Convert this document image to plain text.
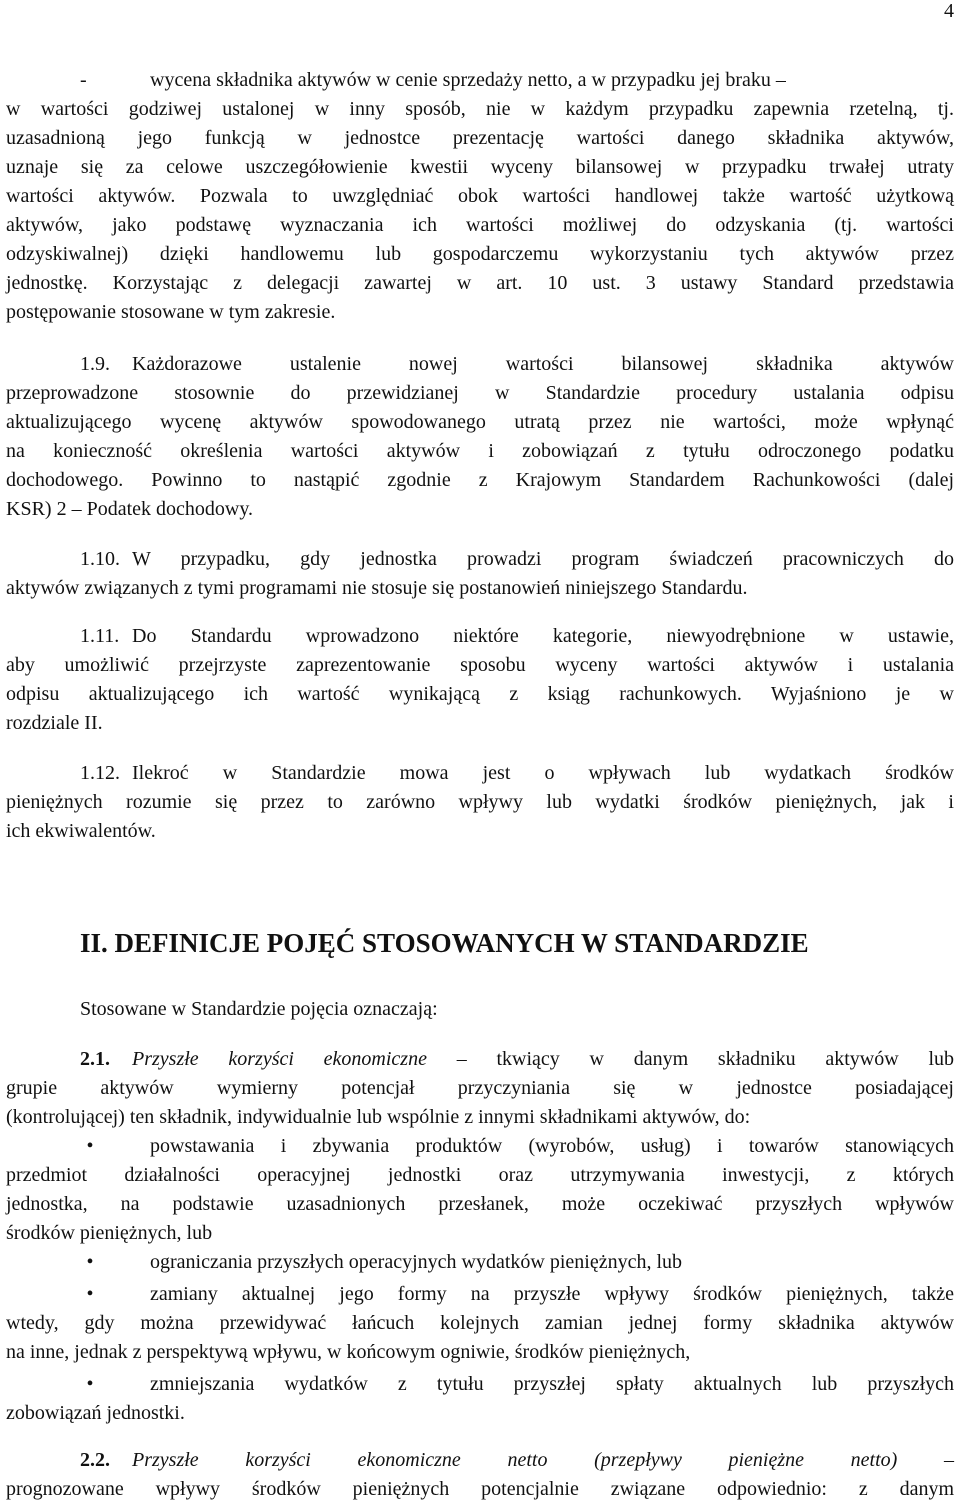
4
-	wycena składnika aktywów w cenie sprzedaży netto, a w przypadku jej braku –
w wartości godziwej ustalonej w inny sposób, nie w każdym przypadku zapewnia rzetelną, tj.
uzasadnioną jego funkcją w jednostce prezentację wartości danego składnika aktywów,
uznaje się za celowe uszczegółowienie kwestii wyceny bilansowej w przypadku trwałej utraty
wartości aktywów. Pozwala to uwzględniać obok wartości handlowej także wartość użytkową
aktywów, jako podstawę wyznaczania ich wartości możliwej do odzyskania (tj. wartości
odzyskiwalnej) dzięki handlowemu lub gospodarczemu wykorzystaniu tych aktywów przez
jednostkę. Korzystając z delegacji zawartej w art. 10 ust. 3 ustawy Standard przedstawia
postępowanie stosowane w tym zakresie.
1.9. Każdorazowe ustalenie nowej wartości bilansowej składnika aktywów
przeprowadzone stosownie do przewidzianej w Standardzie procedury ustalania odpisu
aktualizującego wycenę aktywów spowodowanego utratą przez nie wartości, może wpłynąć
na konieczność określenia wartości aktywów i zobowiązań z tytułu odroczonego podatku
dochodowego. Powinno to nastąpić zgodnie z Krajowym Standardem Rachunkowości (dalej
KSR) 2 – Podatek dochodowy.
1.10. W przypadku, gdy jednostka prowadzi program świadczeń pracowniczych do
aktywów związanych z tymi programami nie stosuje się postanowień niniejszego Standardu.
1.11. Do Standardu wprowadzono niektóre kategorie, niewyodrębnione w ustawie,
aby umożliwić przejrzyste zaprezentowanie sposobu wyceny wartości aktywów i ustalania
odpisu aktualizującego ich wartość wynikającą z ksiąg rachunkowych. Wyjaśniono je w
rozdziale II.
1.12. Ilekroć w Standardzie mowa jest o wpływach lub wydatkach środków
pieniężnych rozumie się przez to zarówno wpływy lub wydatki środków pieniężnych, jak i
ich ekwiwalentów.
II. DEFINICJE POJĘĆ STOSOWANYCH W STANDARDZIE
Stosowane w Standardzie pojęcia oznaczają:
2.1. Przyszłe korzyści ekonomiczne – tkwiący w danym składniku aktywów lub
grupie aktywów wymierny potencjał przyczyniania się w jednostce posiadającej
(kontrolującej) ten składnik, indywidualnie lub wspólnie z innymi składnikami aktywów, do:
•	powstawania i zbywania produktów (wyrobów, usług) i towarów stanowiących
przedmiot działalności operacyjnej jednostki oraz utrzymywania inwestycji, z których
jednostka, na podstawie uzasadnionych przesłanek, może oczekiwać przyszłych wpływów
środków pieniężnych, lub
•	ograniczania przyszłych operacyjnych wydatków pieniężnych, lub
•	zamiany aktualnej jego formy na przyszłe wpływy środków pieniężnych, także
wtedy, gdy można przewidywać łańcuch kolejnych zamian jednej formy składnika aktywów
na inne, jednak z perspektywą wpływu, w końcowym ogniwie, środków pieniężnych,
•	zmniejszania wydatków z tytułu przyszłej spłaty aktualnych lub przyszłych
zobowiązań jednostki.
2.2. Przyszłe korzyści ekonomiczne netto (przepływy pieniężne netto) –
prognozowane wpływy środków pieniężnych potencjalnie związane odpowiednio: z danym
